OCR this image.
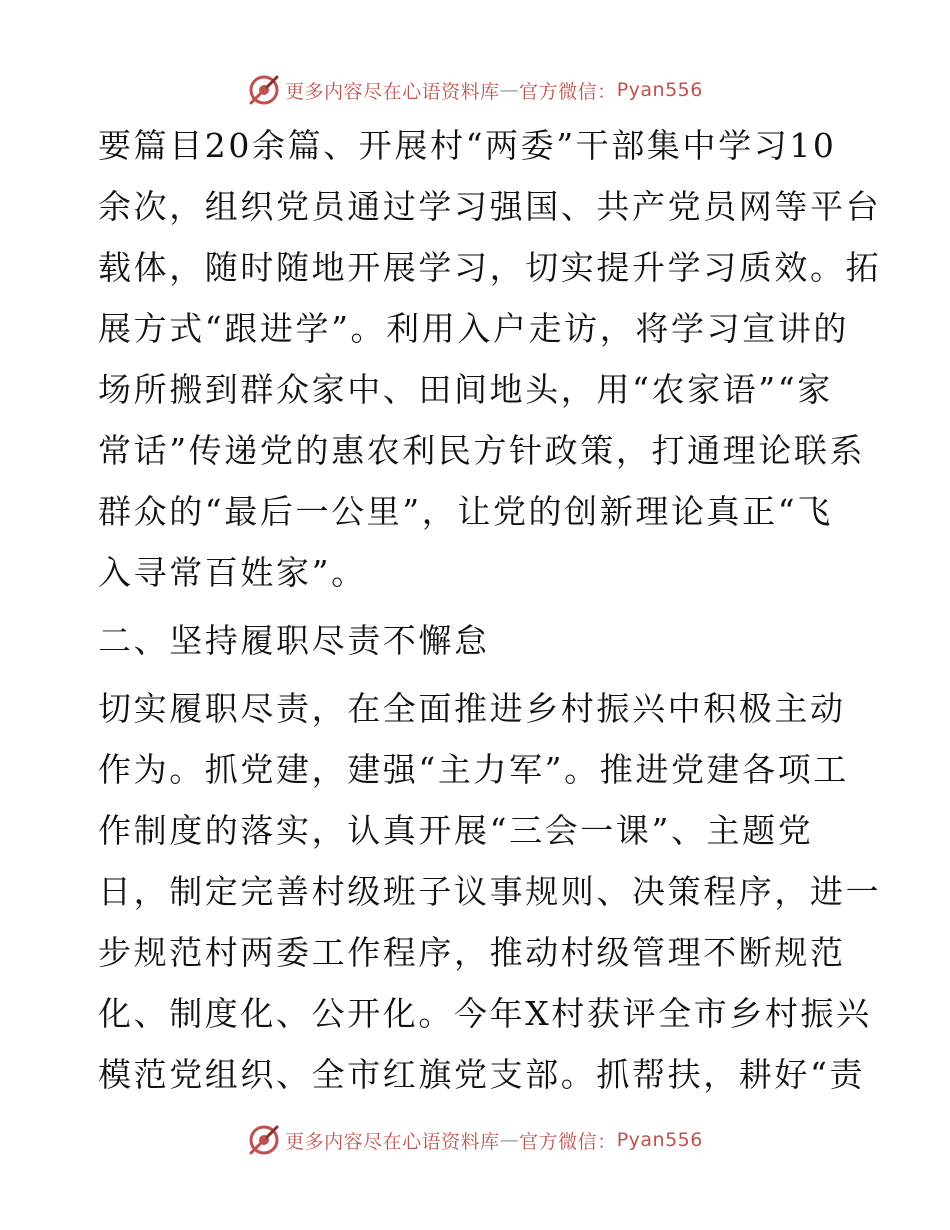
更多内容尽在心语资料库 — 官方微信： Pyan556
要篇目20余篇、开展村“两委”干部集中学习10
余次，组织党员通过学习强国、共产党员网等平台
载体，随时随地开展学习，切实提升学习质效。拓
展方式“跟进学”。利用入户走访，将学习宣讲的
场所搬到群众家中、田间地头，用“农家语”“家
常话”传递党的惠农利民方针政策，打通理论联系
群众的“最后一公里”，让党的创新理论真正“飞
入寻常百姓家”。
二、坚持履职尽责不懈怠
切实履职尽责，在全面推进乡村振兴中积极主动
作为。抓党建，建强“主力军”。推进党建各项工
作制度的落实，认真开展“三会一课”、主题党
日，制定完善村级班子议事规则、决策程序，进一
步规范村两委工作程序，推动村级管理不断规范
化、制度化、公开化。今年X村获评全市乡村振兴
模范党组织、全市红旗党支部。抓帮扶，耕好“责
更多内容尽在心语资料库 — 官方微信： Pyan556
